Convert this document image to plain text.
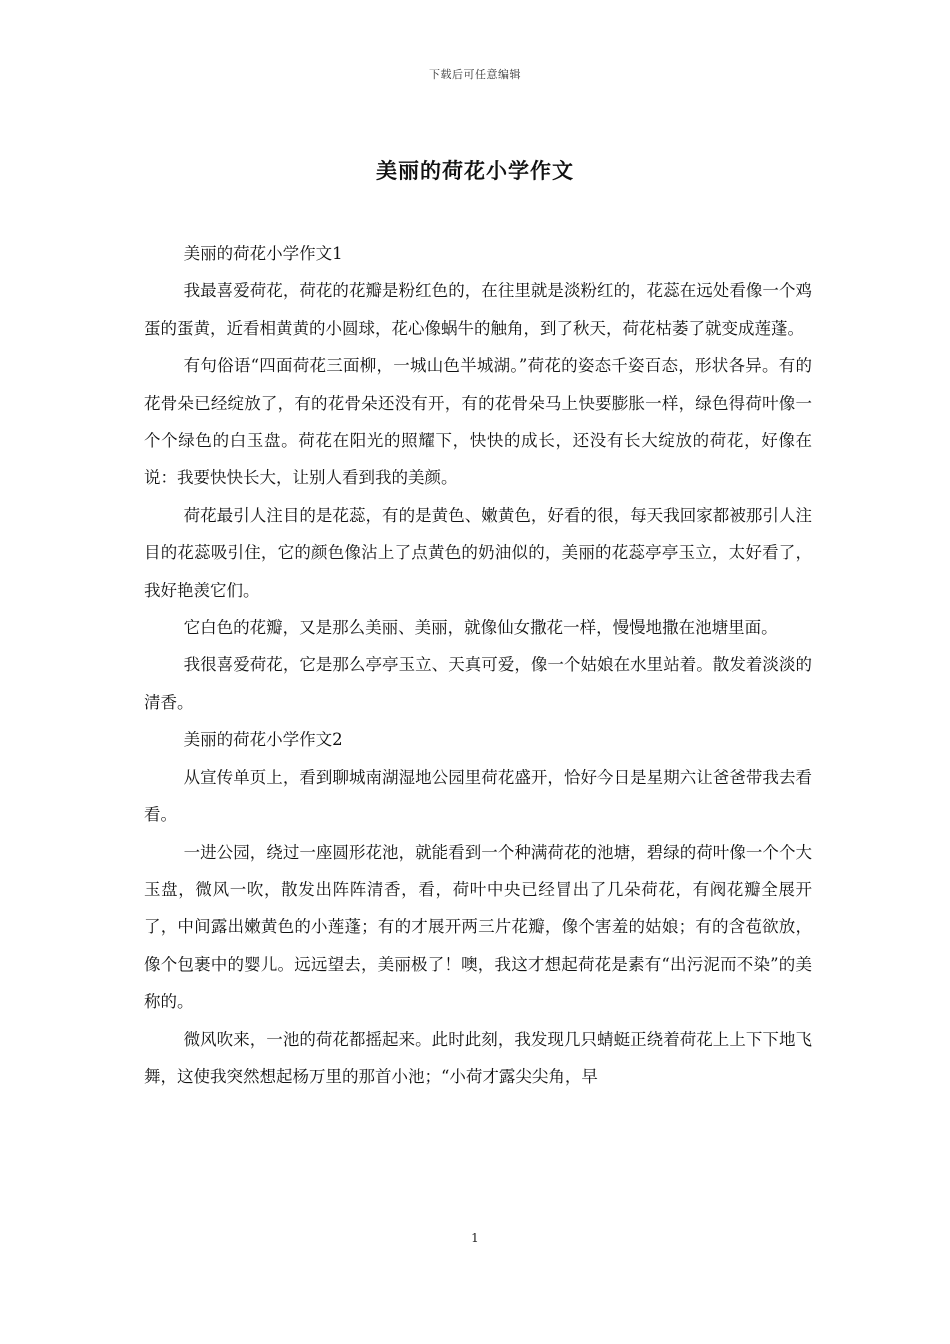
下载后可任意编辑
美丽的荷花小学作文

美丽的荷花小学作文1

我最喜爱荷花，荷花的花瓣是粉红色的，在往里就是淡粉红的，花蕊在远处看像一个鸡蛋的蛋黄，近看相黄黄的小圆球，花心像蜗牛的触角，到了秋天，荷花枯萎了就变成莲蓬。

有句俗语“四面荷花三面柳，一城山色半城湖。”荷花的姿态千姿百态，形状各异。有的花骨朵已经绽放了，有的花骨朵还没有开，有的花骨朵马上快要膨胀一样，绿色得荷叶像一个个绿色的白玉盘。荷花在阳光的照耀下，快快的成长，还没有长大绽放的荷花，好像在说：我要快快长大，让别人看到我的美颜。

荷花最引人注目的是花蕊，有的是黄色、嫩黄色，好看的很，每天我回家都被那引人注目的花蕊吸引住，它的颜色像沾上了点黄色的奶油似的，美丽的花蕊亭亭玉立，太好看了，我好艳羡它们。

它白色的花瓣，又是那么美丽、美丽，就像仙女撒花一样，慢慢地撒在池塘里面。

我很喜爱荷花，它是那么亭亭玉立、天真可爱，像一个姑娘在水里站着。散发着淡淡的清香。

美丽的荷花小学作文2

从宣传单页上，看到聊城南湖湿地公园里荷花盛开，恰好今日是星期六让爸爸带我去看看。

一进公园，绕过一座圆形花池，就能看到一个种满荷花的池塘，碧绿的荷叶像一个个大玉盘，微风一吹，散发出阵阵清香，看，荷叶中央已经冒出了几朵荷花，有阀花瓣全展开了，中间露出嫩黄色的小莲蓬；有的才展开两三片花瓣，像个害羞的姑娘；有的含苞欲放，像个包裹中的婴儿。远远望去，美丽极了！噢，我这才想起荷花是素有“出污泥而不染”的美称的。

微风吹来，一池的荷花都摇起来。此时此刻，我发现几只蜻蜓正绕着荷花上上下下地飞舞，这使我突然想起杨万里的那首小池；“小荷才露尖尖角，早

1
